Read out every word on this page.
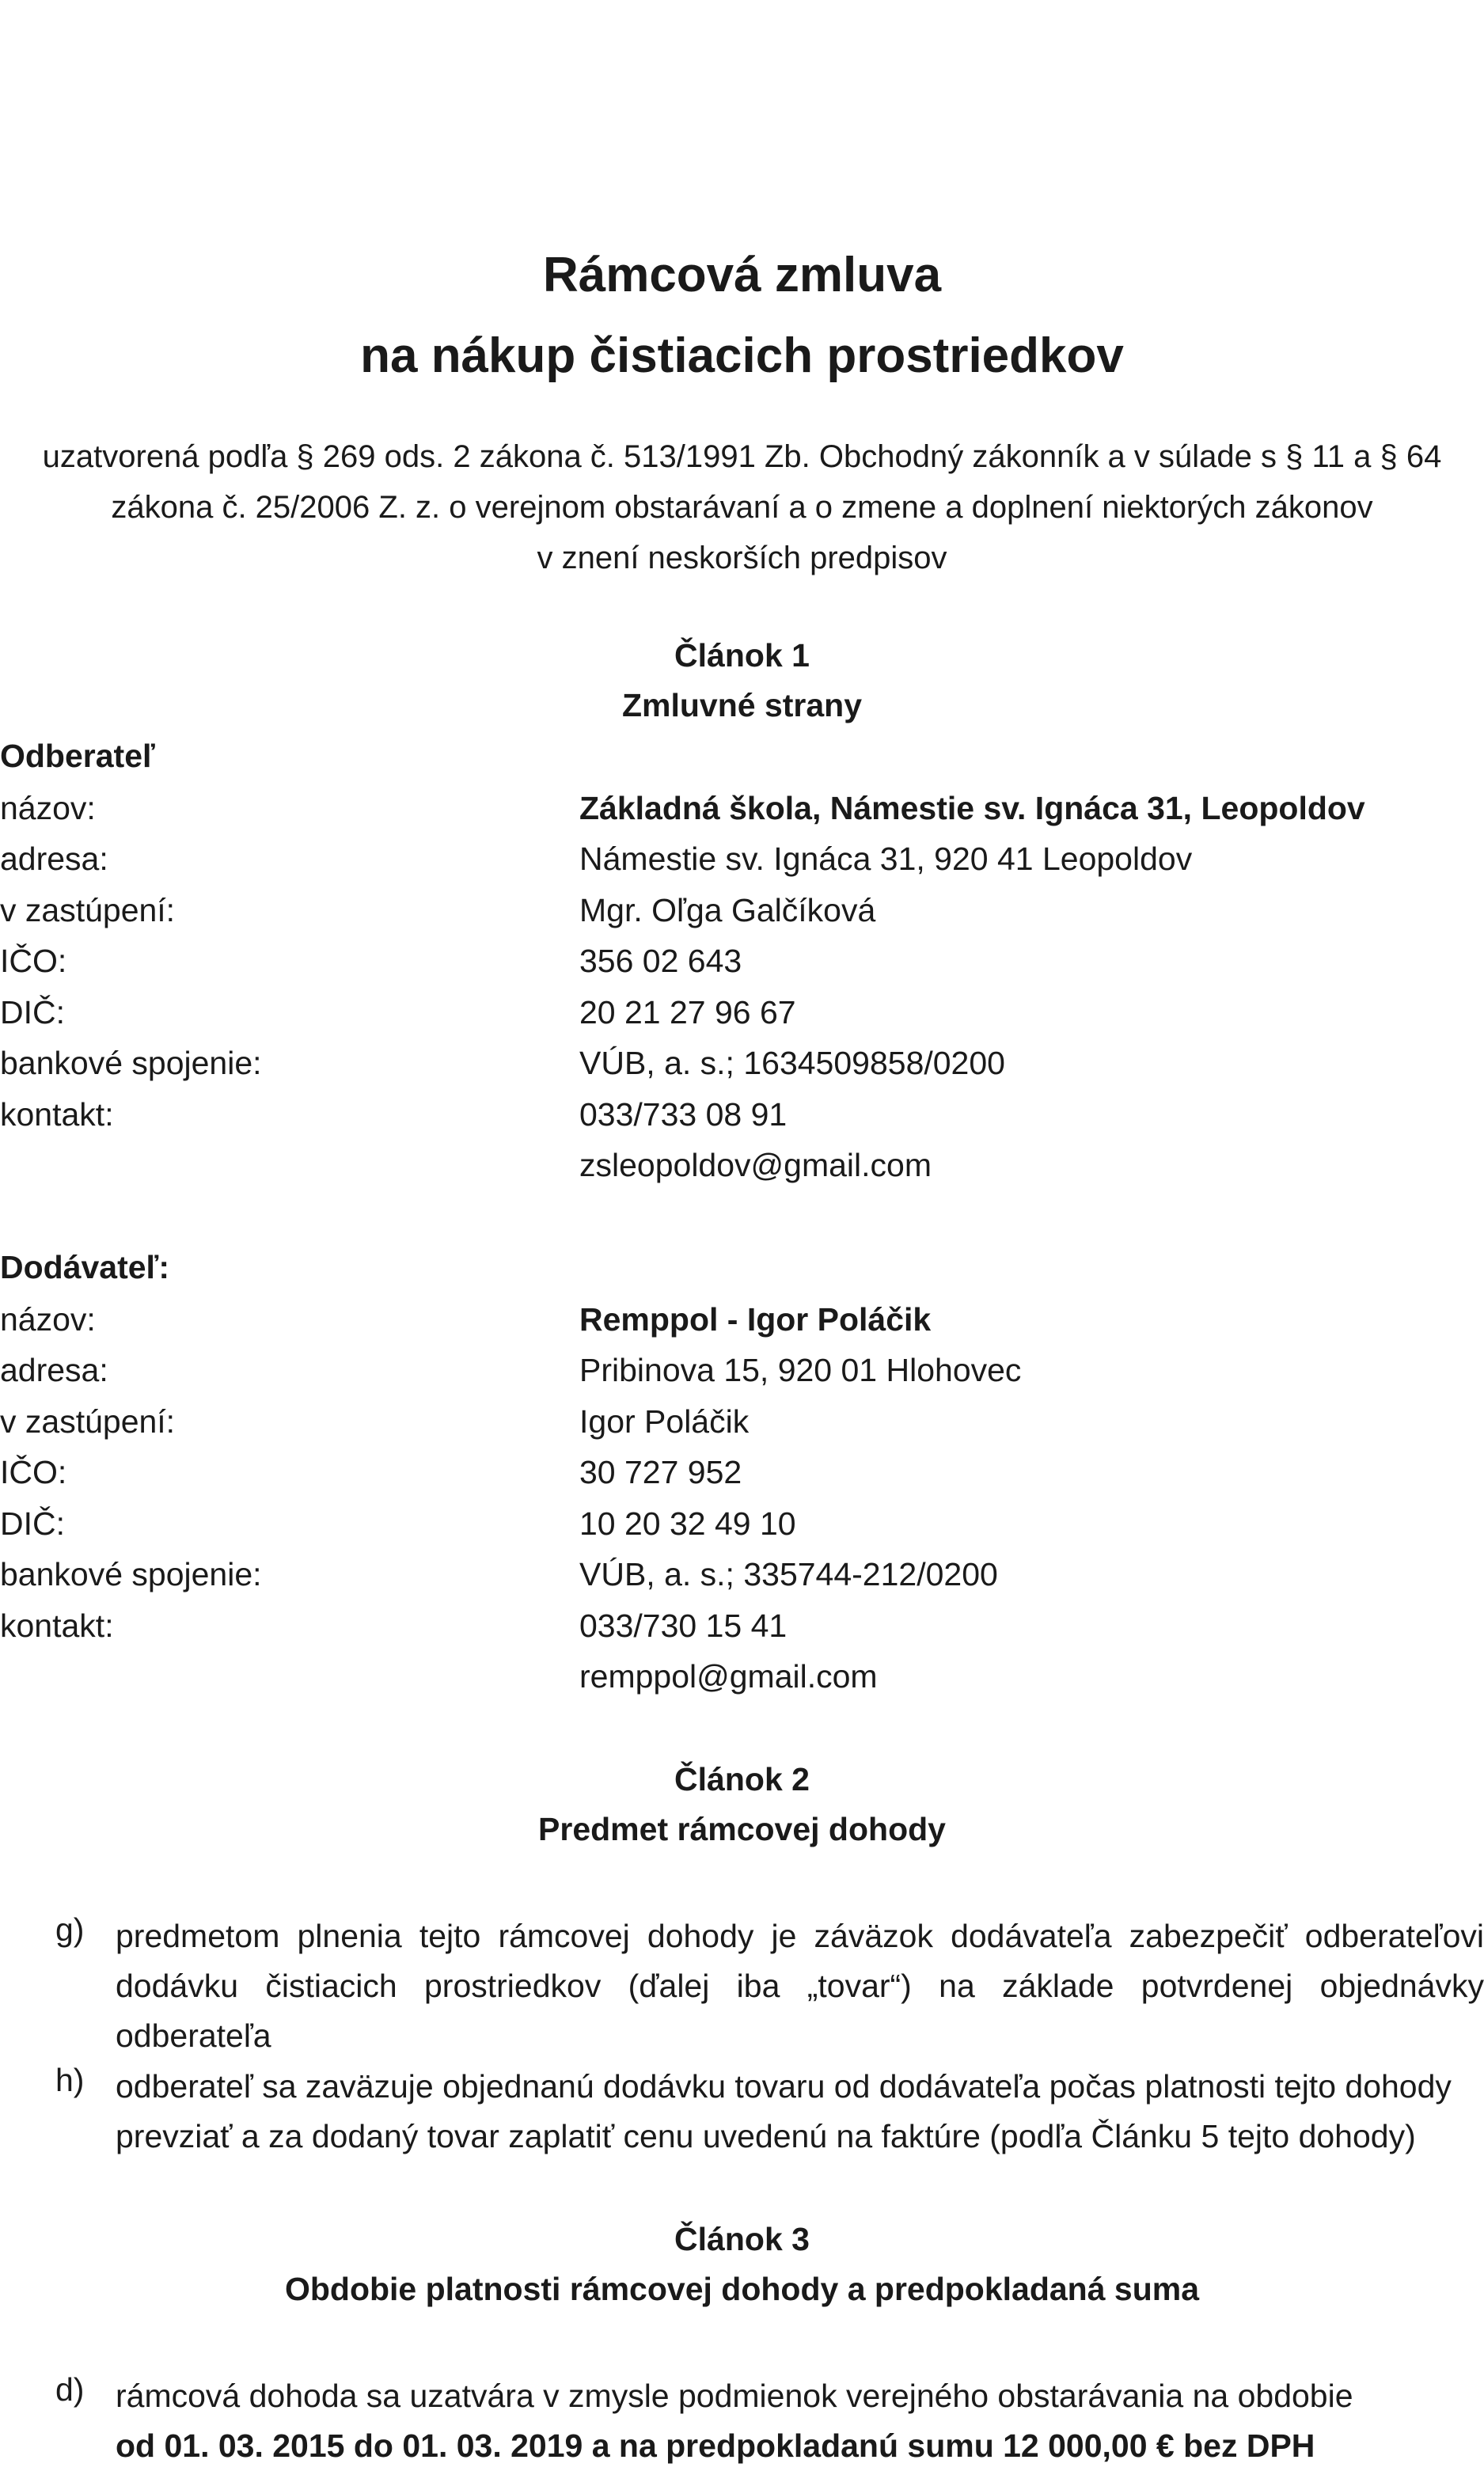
Rámcová zmluva
na nákup čistiacich prostriedkov
uzatvorená podľa § 269 ods. 2 zákona č. 513/1991 Zb. Obchodný zákonník a v súlade s § 11 a § 64
zákona č. 25/2006 Z. z. o verejnom obstarávaní a o zmene a doplnení niektorých zákonov
v znení neskorších predpisov
Článok 1
Zmluvné strany
Odberateľ
názov:	Základná škola, Námestie sv. Ignáca 31, Leopoldov
adresa:	Námestie sv. Ignáca 31, 920 41 Leopoldov
v zastúpení:	Mgr. Oľga Galčíková
IČO:	356 02 643
DIČ:	20 21 27 96 67
bankové spojenie:	VÚB, a. s.; 1634509858/0200
kontakt:	033/733 08 91
zsleopoldov@gmail.com
Dodávateľ:
názov:	Remppol - Igor Poláčik
adresa:	Pribinova 15, 920 01 Hlohovec
v zastúpení:	Igor Poláčik
IČO:	30 727 952
DIČ:	10 20 32 49 10
bankové spojenie:	VÚB, a. s.; 335744-212/0200
kontakt:	033/730 15 41
remppol@gmail.com
Článok 2
Predmet rámcovej dohody
g) predmetom plnenia tejto rámcovej dohody je záväzok dodávateľa zabezpečiť odberateľovi
dodávku čistiacich prostriedkov (ďalej iba „tovar“) na základe potvrdenej objednávky
odberateľa
h) odberateľ sa zaväzuje objednanú dodávku tovaru od dodávateľa počas platnosti tejto dohody
prevziať a za dodaný tovar zaplatiť cenu uvedenú na faktúre (podľa Článku 5 tejto dohody)
Článok 3
Obdobie platnosti rámcovej dohody a predpokladaná suma
d) rámcová dohoda sa uzatvára v zmysle podmienok verejného obstarávania na obdobie
od 01. 03. 2015 do 01. 03. 2019 a na predpokladanú sumu 12 000,00 € bez DPH
